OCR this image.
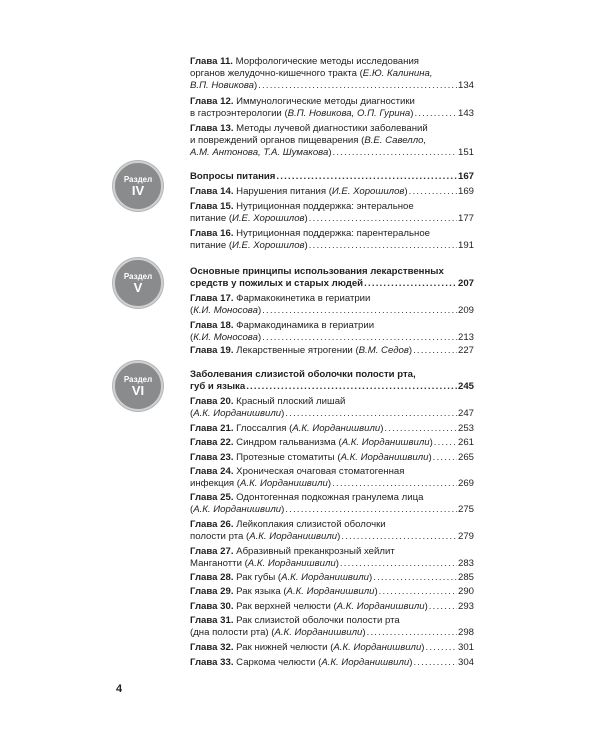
Раздел
IV
Раздел
V
Раздел
VI
Глава 11. Морфологические методы исследования
органов желудочно-кишечного тракта (Е.Ю. Калинина,
В.П. Новикова) .....	134
Глава 12. Иммунологические методы диагностики
в гастроэнтерологии (В.П. Новикова, О.П. Гурина) .....	143
Глава 13. Методы лучевой диагностики заболеваний
и повреждений органов пищеварения (В.Е. Савелло,
А.М. Антонова, Т.А. Шумакова) .....	151
Вопросы питания .....	167
Глава 14. Нарушения питания (И.Е. Хорошилов) .....	169
Глава 15. Нутриционная поддержка: энтеральное
питание (И.Е. Хорошилов) .....	177
Глава 16. Нутриционная поддержка: парентеральное
питание (И.Е. Хорошилов) .....	191
Основные принципы использования лекарственных
средств у пожилых и старых людей .....	207
Глава 17. Фармакокинетика в гериатрии
(К.И. Моносова) .....	209
Глава 18. Фармакодинамика в гериатрии
(К.И. Моносова) .....	213
Глава 19. Лекарственные ятрогении (В.М. Седов) .....	227
Заболевания слизистой оболочки полости рта,
губ и языка .....	245
Глава 20. Красный плоский лишай
(А.К. Иорданишвили) .....	247
Глава 21. Глоссалгия (А.К. Иорданишвили) .....	253
Глава 22. Синдром гальванизма (А.К. Иорданишвили) .....	261
Глава 23. Протезные стоматиты (А.К. Иорданишвили) .....	265
Глава 24. Хроническая очаговая стоматогенная
инфекция (А.К. Иорданишвили) .....	269
Глава 25. Одонтогенная подкожная гранулема лица
(А.К. Иорданишвили) .....	275
Глава 26. Лейкоплакия слизистой оболочки
полости рта (А.К. Иорданишвили) .....	279
Глава 27. Абразивный преканкрозный хейлит
Манганотти (А.К. Иорданишвили) .....	283
Глава 28. Рак губы (А.К. Иорданишвили) .....	285
Глава 29. Рак языка (А.К. Иорданишвили) .....	290
Глава 30. Рак верхней челюсти (А.К. Иорданишвили) .....	293
Глава 31. Рак слизистой оболочки полости рта
(дна полости рта) (А.К. Иорданишвили) .....	298
Глава 32. Рак нижней челюсти (А.К. Иорданишвили) .....	301
Глава 33. Саркома челюсти (А.К. Иорданишвили) .....	304
4
